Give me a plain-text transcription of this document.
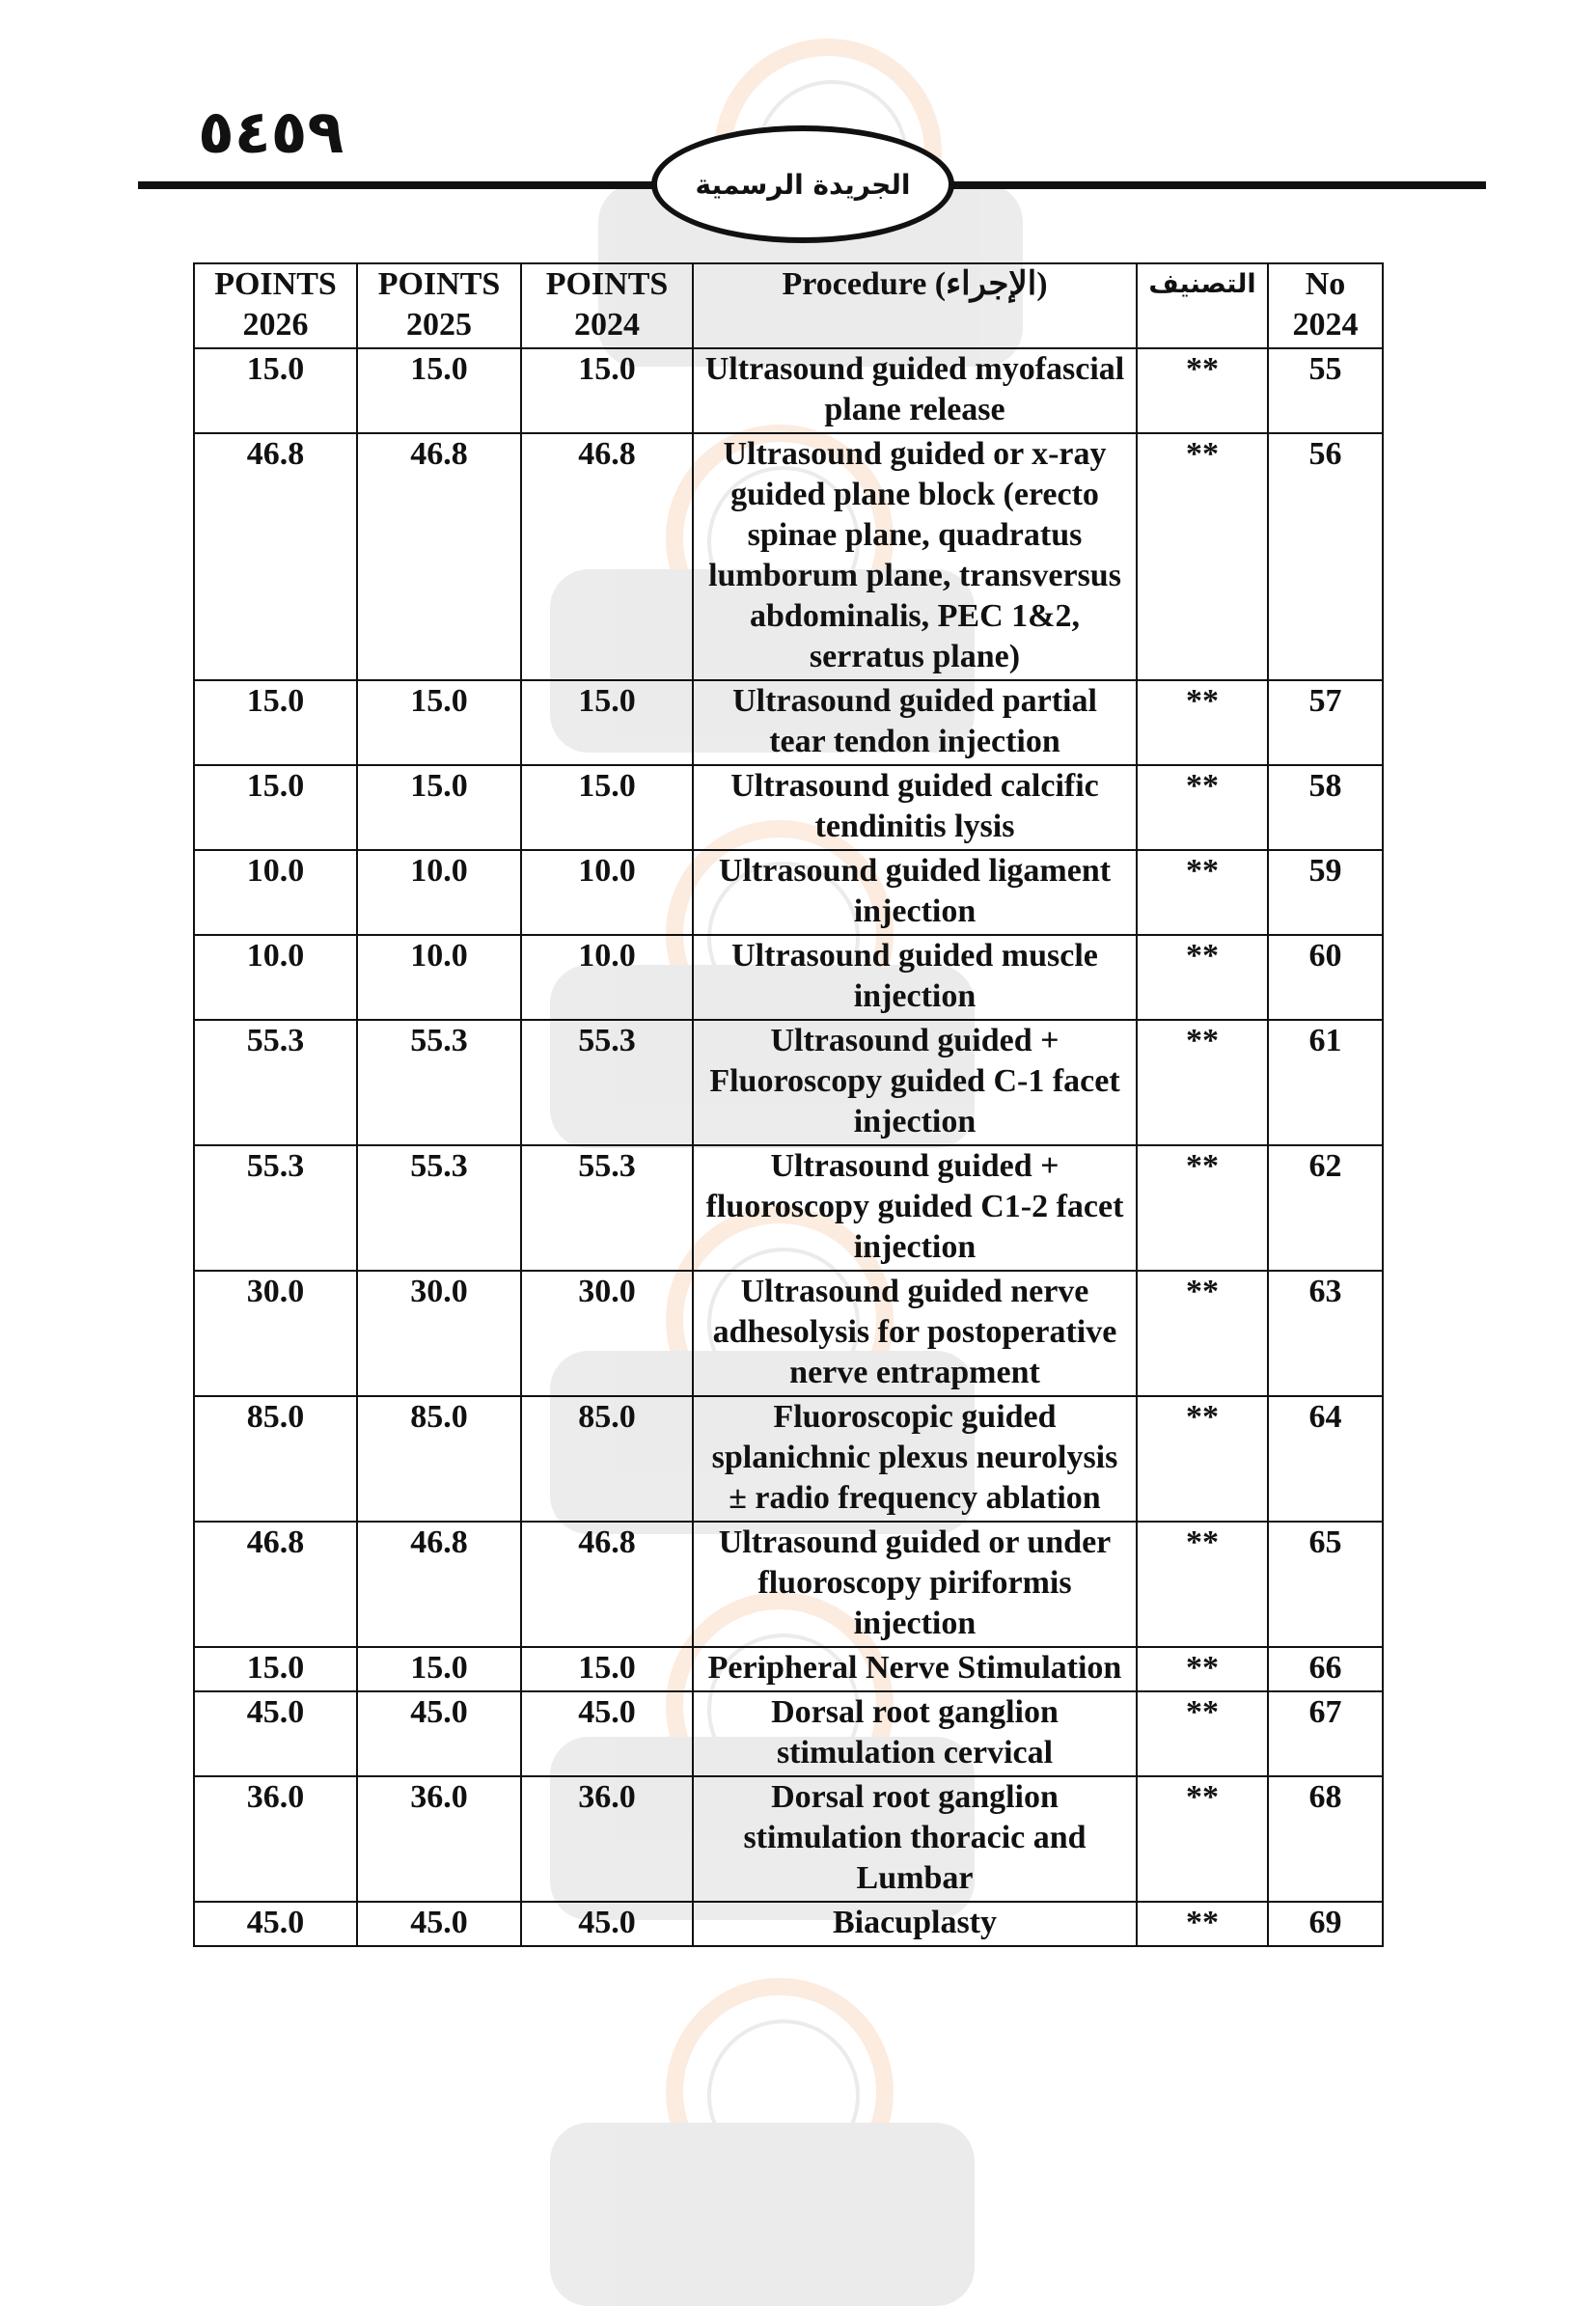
٥٤٥٩
الجريدة الرسمية
POINTS 2026	POINTS 2025	POINTS 2024	Procedure (الإجراء)	التصنيف	No 2024
15.0	15.0	15.0	Ultrasound guided myofascial plane release	**	55
46.8	46.8	46.8	Ultrasound guided or x-ray guided plane block (erecto spinae plane, quadratus lumborum plane, transversus abdominalis, PEC 1&2, serratus plane)	**	56
15.0	15.0	15.0	Ultrasound guided partial tear tendon injection	**	57
15.0	15.0	15.0	Ultrasound guided calcific tendinitis lysis	**	58
10.0	10.0	10.0	Ultrasound guided ligament injection	**	59
10.0	10.0	10.0	Ultrasound guided muscle injection	**	60
55.3	55.3	55.3	Ultrasound guided + Fluoroscopy guided C-1 facet injection	**	61
55.3	55.3	55.3	Ultrasound guided + fluoroscopy guided C1-2 facet injection	**	62
30.0	30.0	30.0	Ultrasound guided nerve adhesolysis for postoperative nerve entrapment	**	63
85.0	85.0	85.0	Fluoroscopic guided splanichnic plexus neurolysis ± radio frequency ablation	**	64
46.8	46.8	46.8	Ultrasound guided or under fluoroscopy piriformis injection	**	65
15.0	15.0	15.0	Peripheral Nerve Stimulation	**	66
45.0	45.0	45.0	Dorsal root ganglion stimulation cervical	**	67
36.0	36.0	36.0	Dorsal root ganglion stimulation thoracic and Lumbar	**	68
45.0	45.0	45.0	Biacuplasty	**	69
